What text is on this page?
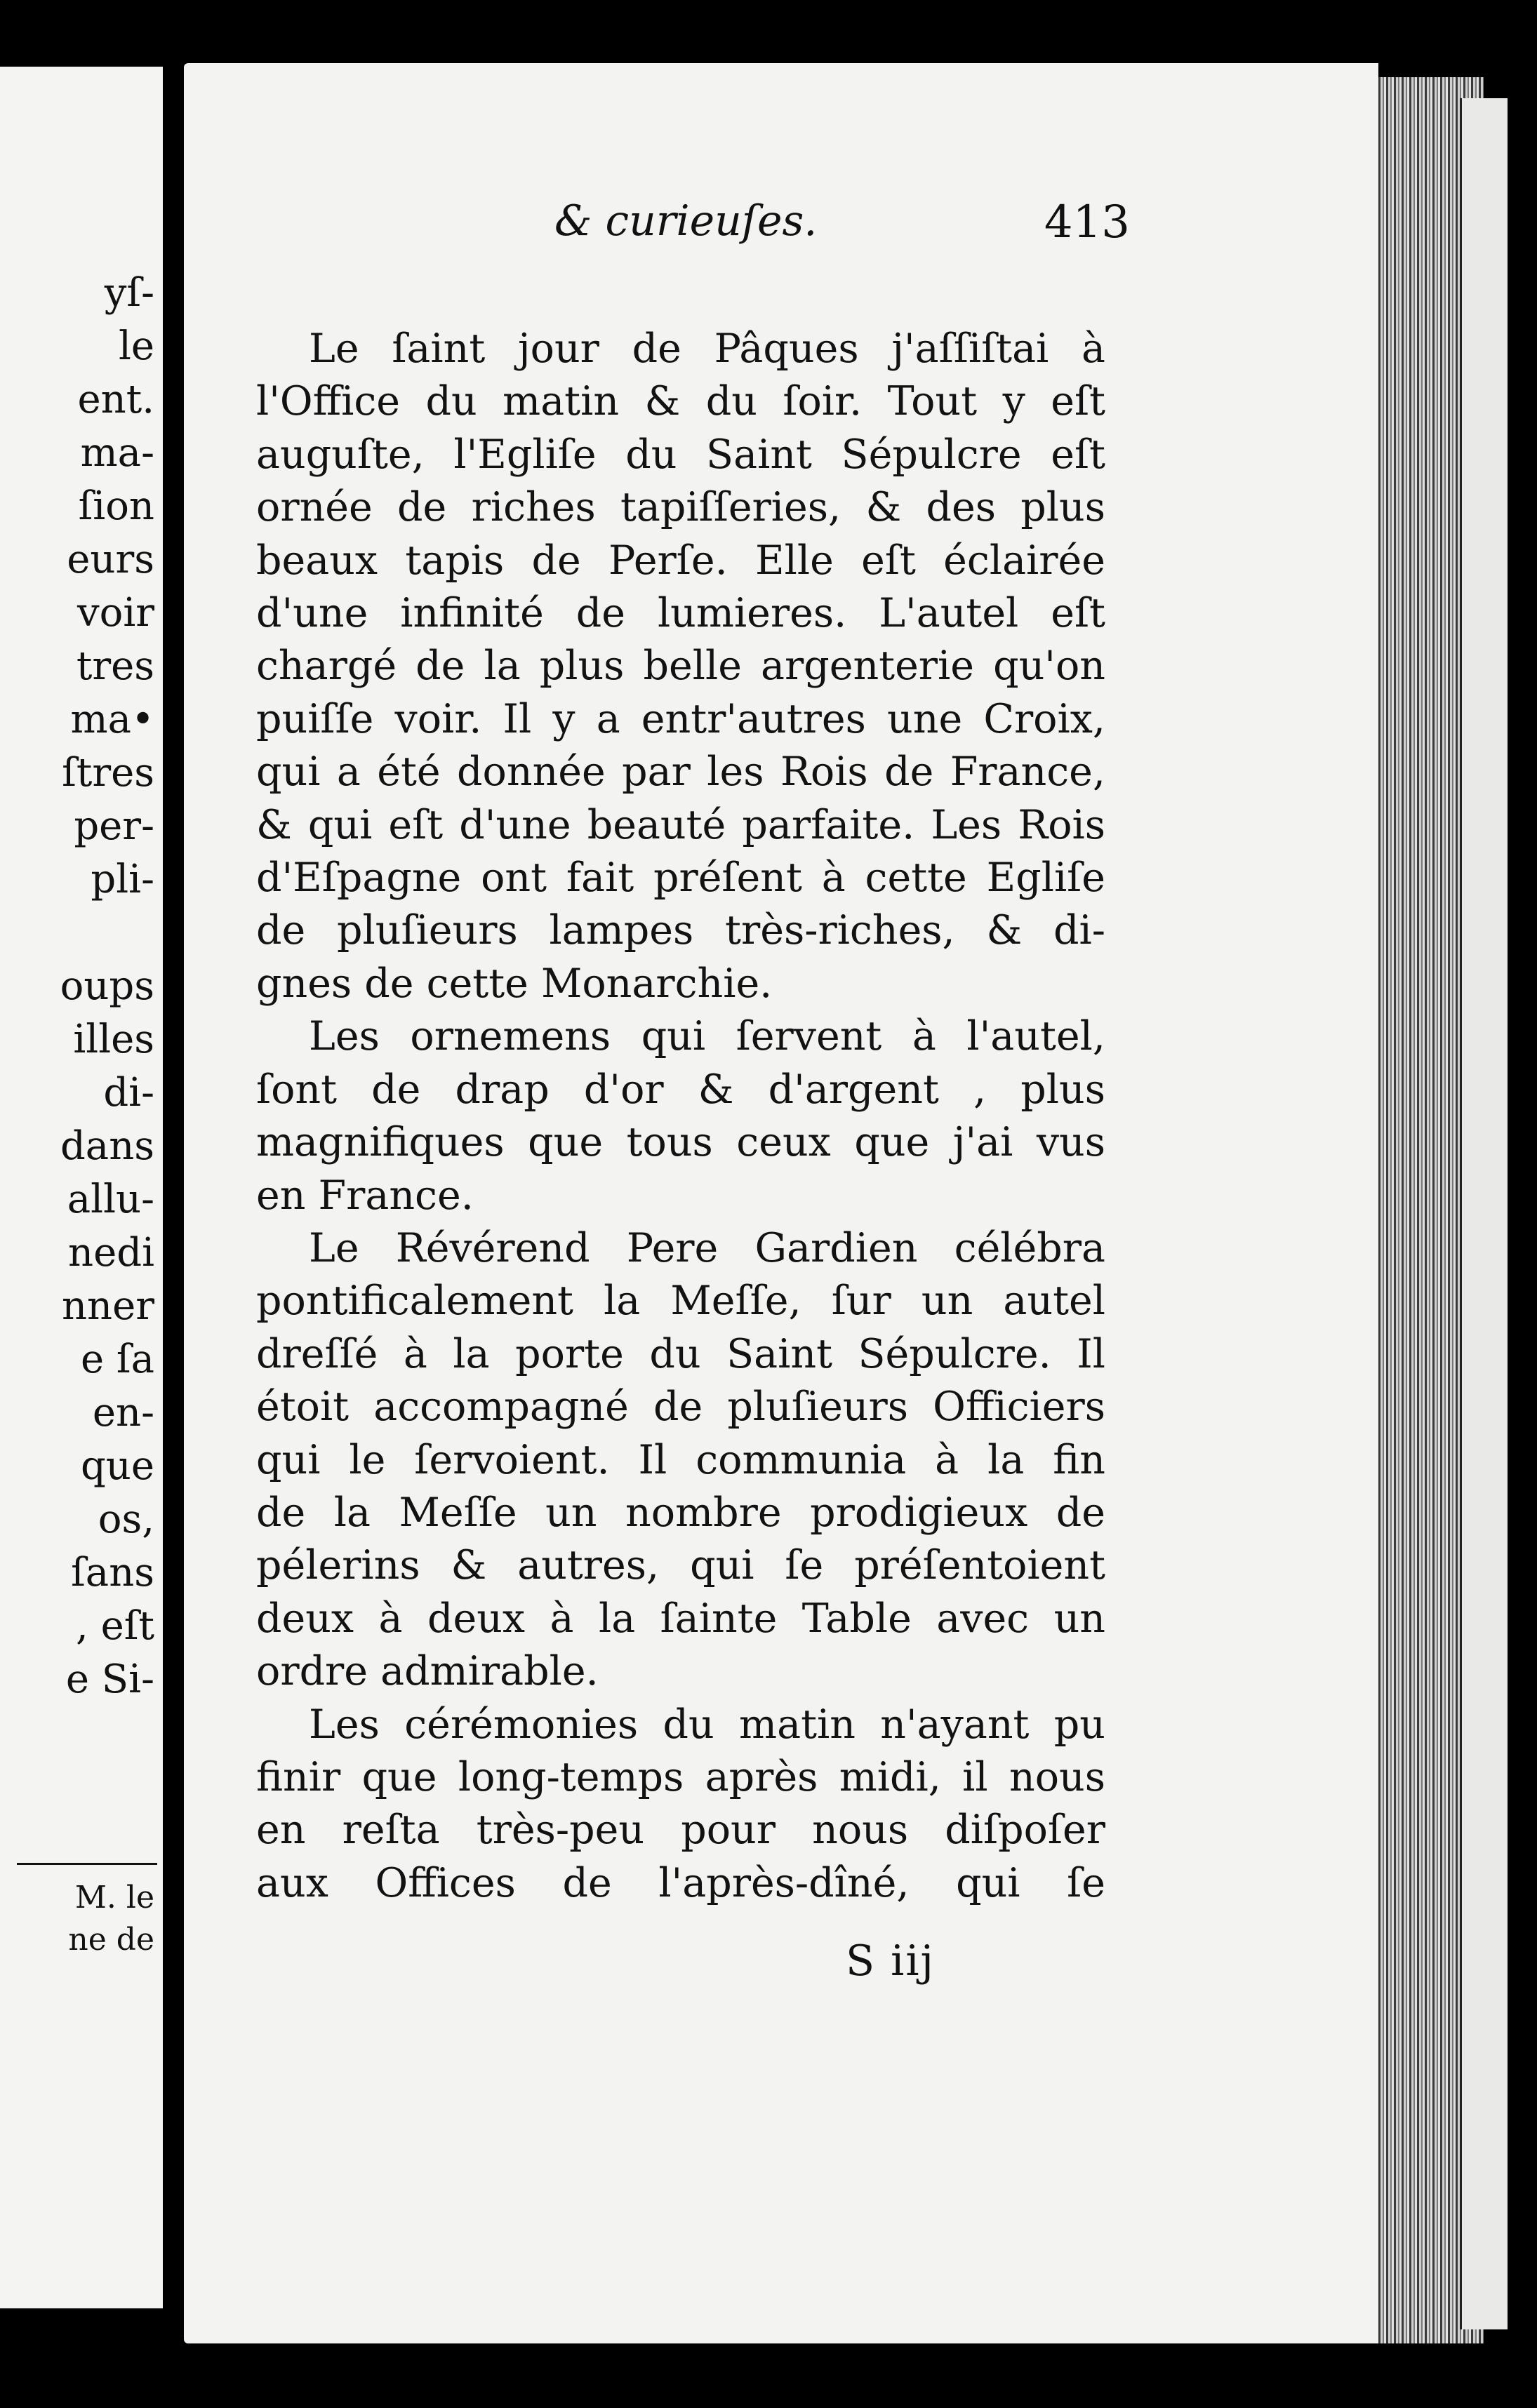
yſ-
le
ent.
ma-
ſion
eurs
voir
tres
ma•
ſtres
per-
pli-

oups
illes
di-
dans
allu-
nedi
nner
e ſa
en-
que
os,
ſans
, eſt
e Si-
M. le
ne de
& curieuſes.	413
Le ſaint jour de Pâques j'aſſiſtai à
l'Office du matin & du ſoir. Tout y eſt
auguſte, l'Egliſe du Saint Sépulcre eſt
ornée de riches tapiſſeries, & des plus
beaux tapis de Perſe. Elle eſt éclairée
d'une infinité de lumieres. L'autel eſt
chargé de la plus belle argenterie qu'on
puiſſe voir. Il y a entr'autres une Croix,
qui a été donnée par les Rois de France,
& qui eſt d'une beauté parfaite. Les Rois
d'Eſpagne ont fait préſent à cette Egliſe
de pluſieurs lampes très-riches, & di-
gnes de cette Monarchie.
Les ornemens qui ſervent à l'autel,
ſont de drap d'or & d'argent , plus
magnifiques que tous ceux que j'ai vus
en France.
Le Révérend Pere Gardien célébra
pontificalement la Meſſe, ſur un autel
dreſſé à la porte du Saint Sépulcre. Il
étoit accompagné de pluſieurs Officiers
qui le ſervoient. Il communia à la fin
de la Meſſe un nombre prodigieux de
pélerins & autres, qui ſe préſentoient
deux à deux à la ſainte Table avec un
ordre admirable.
Les cérémonies du matin n'ayant pu
finir que long-temps après midi, il nous
en reſta très-peu pour nous diſpoſer
aux Offices de l'après-dîné, qui ſe
S iij
